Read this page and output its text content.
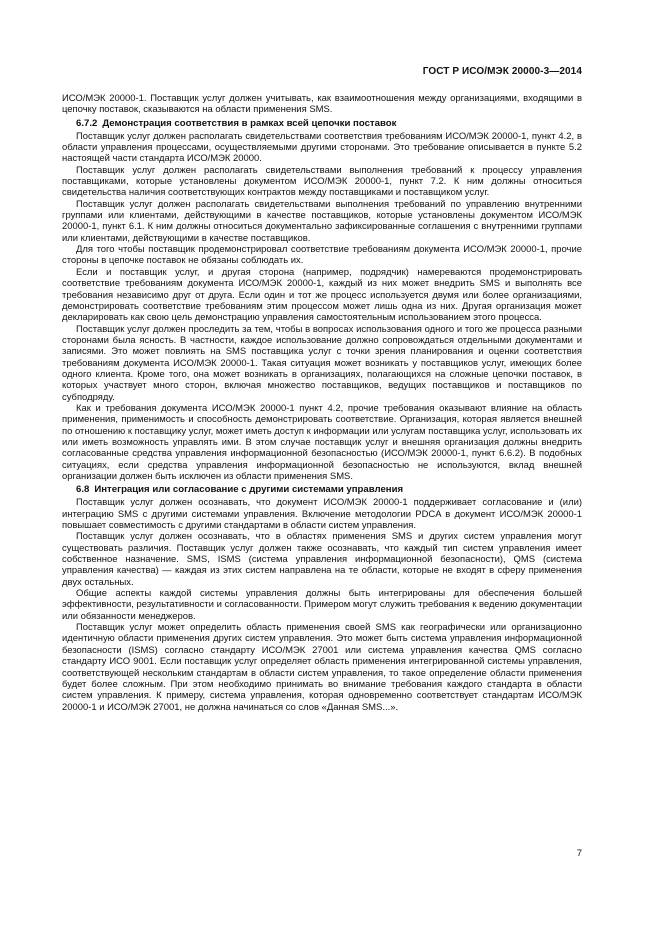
ГОСТ Р ИСО/МЭК 20000-3—2014

ИСО/МЭК 20000-1. Поставщик услуг должен учитывать, как взаимоотношения между организациями, входящими в цепочку поставок, сказываются на области применения SMS.

6.7.2 Демонстрация соответствия в рамках всей цепочки поставок

Поставщик услуг должен располагать свидетельствами соответствия требованиям ИСО/МЭК 20000-1, пункт 4.2, в области управления процессами, осуществляемыми другими сторонами. Это требование описывается в пункте 5.2 настоящей части стандарта ИСО/МЭК 20000.

Поставщик услуг должен располагать свидетельствами выполнения требований к процессу управления поставщиками, которые установлены документом ИСО/МЭК 20000-1, пункт 7.2. К ним должны относиться свидетельства наличия соответствующих контрактов между поставщиками и поставщиком услуг.

Поставщик услуг должен располагать свидетельствами выполнения требований по управлению внутренними группами или клиентами, действующими в качестве поставщиков, которые установлены документом ИСО/МЭК 20000-1, пункт 6.1. К ним должны относиться документально зафиксированные соглашения с внутренними группами или клиентами, действующими в качестве поставщиков.

Для того чтобы поставщик продемонстрировал соответствие требованиям документа ИСО/МЭК 20000-1, прочие стороны в цепочке поставок не обязаны соблюдать их.

Если и поставщик услуг, и другая сторона (например, подрядчик) намереваются продемонстрировать соответствие требованиям документа ИСО/МЭК 20000-1, каждый из них может внедрить SMS и выполнять все требования независимо друг от друга. Если один и тот же процесс используется двумя или более организациями, демонстрировать соответствие требованиям этим процессом может лишь одна из них. Другая организация может декларировать как свою цель демонстрацию управления самостоятельным использованием этого процесса.

Поставщик услуг должен проследить за тем, чтобы в вопросах использования одного и того же процесса разными сторонами была ясность. В частности, каждое использование должно сопровождаться отдельными документами и записями. Это может повлиять на SMS поставщика услуг с точки зрения планирования и оценки соответствия требованиям документа ИСО/МЭК 20000-1. Такая ситуация может возникать у поставщиков услуг, имеющих более одного клиента. Кроме того, она может возникать в организациях, полагающихся на сложные цепочки поставок, в которых участвует много сторон, включая множество поставщиков, ведущих поставщиков и поставщиков по субподряду.

Как и требования документа ИСО/МЭК 20000-1 пункт 4.2, прочие требования оказывают влияние на область применения, применимость и способность демонстрировать соответствие. Организация, которая является внешней по отношению к поставщику услуг, может иметь доступ к информации или услугам поставщика услуг, использовать их или иметь возможность управлять ими. В этом случае поставщик услуг и внешняя организация должны внедрить согласованные средства управления информационной безопасностью (ИСО/МЭК 20000-1, пункт 6.6.2). В подобных ситуациях, если средства управления информационной безопасностью не используются, вклад внешней организации должен быть исключен из области применения SMS.

6.8 Интеграция или согласование с другими системами управления

Поставщик услуг должен осознавать, что документ ИСО/МЭК 20000-1 поддерживает согласование и (или) интеграцию SMS с другими системами управления. Включение методологии PDCA в документ ИСО/МЭК 20000-1 повышает совместимость с другими стандартами в области систем управления.

Поставщик услуг должен осознавать, что в областях применения SMS и других систем управления могут существовать различия. Поставщик услуг должен также осознавать, что каждый тип систем управления имеет собственное назначение. SMS, ISMS (система управления информационной безопасности), QMS (система управления качества) — каждая из этих систем направлена на те области, которые не входят в сферу применения двух остальных.

Общие аспекты каждой системы управления должны быть интегрированы для обеспечения большей эффективности, результативности и согласованности. Примером могут служить требования к ведению документации или обязанности менеджеров.

Поставщик услуг может определить область применения своей SMS как географически или организационно идентичную области применения других систем управления. Это может быть система управления информационной безопасности (ISMS) согласно стандарту ИСО/МЭК 27001 или система управления качества QMS согласно стандарту ИСО 9001. Если поставщик услуг определяет область применения интегрированной системы управления, соответствующей нескольким стандартам в области систем управления, то такое определение области применения будет более сложным. При этом необходимо принимать во внимание требования каждого стандарта в области систем управления. К примеру, система управления, которая одновременно соответствует стандартам ИСО/МЭК 20000-1 и ИСО/МЭК 27001, не должна начинаться со слов «Данная SMS...».

7
